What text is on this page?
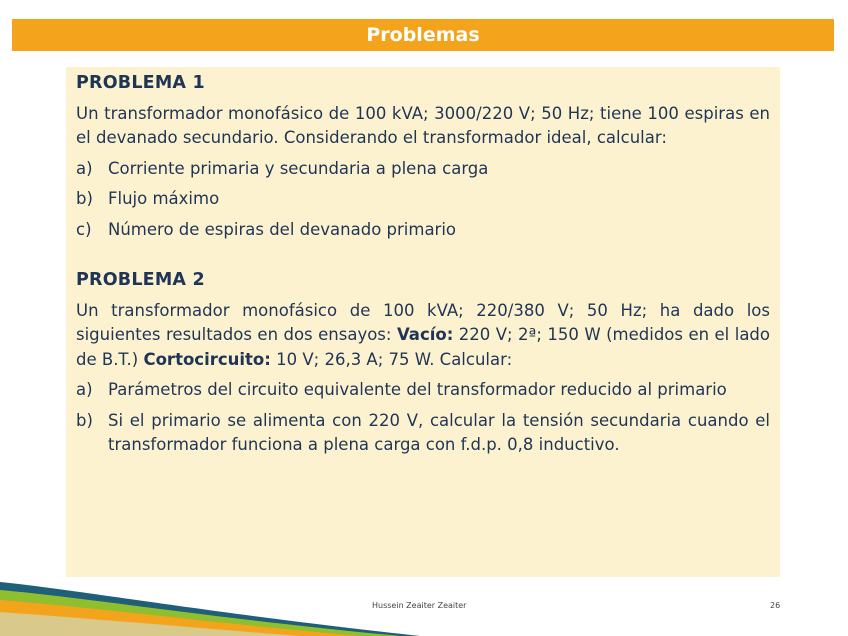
Problemas
PROBLEMA 1
Un transformador monofásico de 100 kVA; 3000/220 V; 50 Hz; tiene 100 espiras en el devanado secundario. Considerando el transformador ideal, calcular:
a) Corriente primaria y secundaria a plena carga
b) Flujo máximo
c) Número de espiras del devanado primario
PROBLEMA 2
Un transformador monofásico de 100 kVA; 220/380 V; 50 Hz; ha dado los siguientes resultados en dos ensayos: Vacío: 220 V; 2ª; 150 W (medidos en el lado de B.T.) Cortocircuito: 10 V; 26,3 A; 75 W. Calcular:
a) Parámetros del circuito equivalente del transformador reducido al primario
b) Si el primario se alimenta con 220 V, calcular la tensión secundaria cuando el transformador funciona a plena carga con f.d.p. 0,8 inductivo.
Hussein Zeaiter Zeaiter	26
